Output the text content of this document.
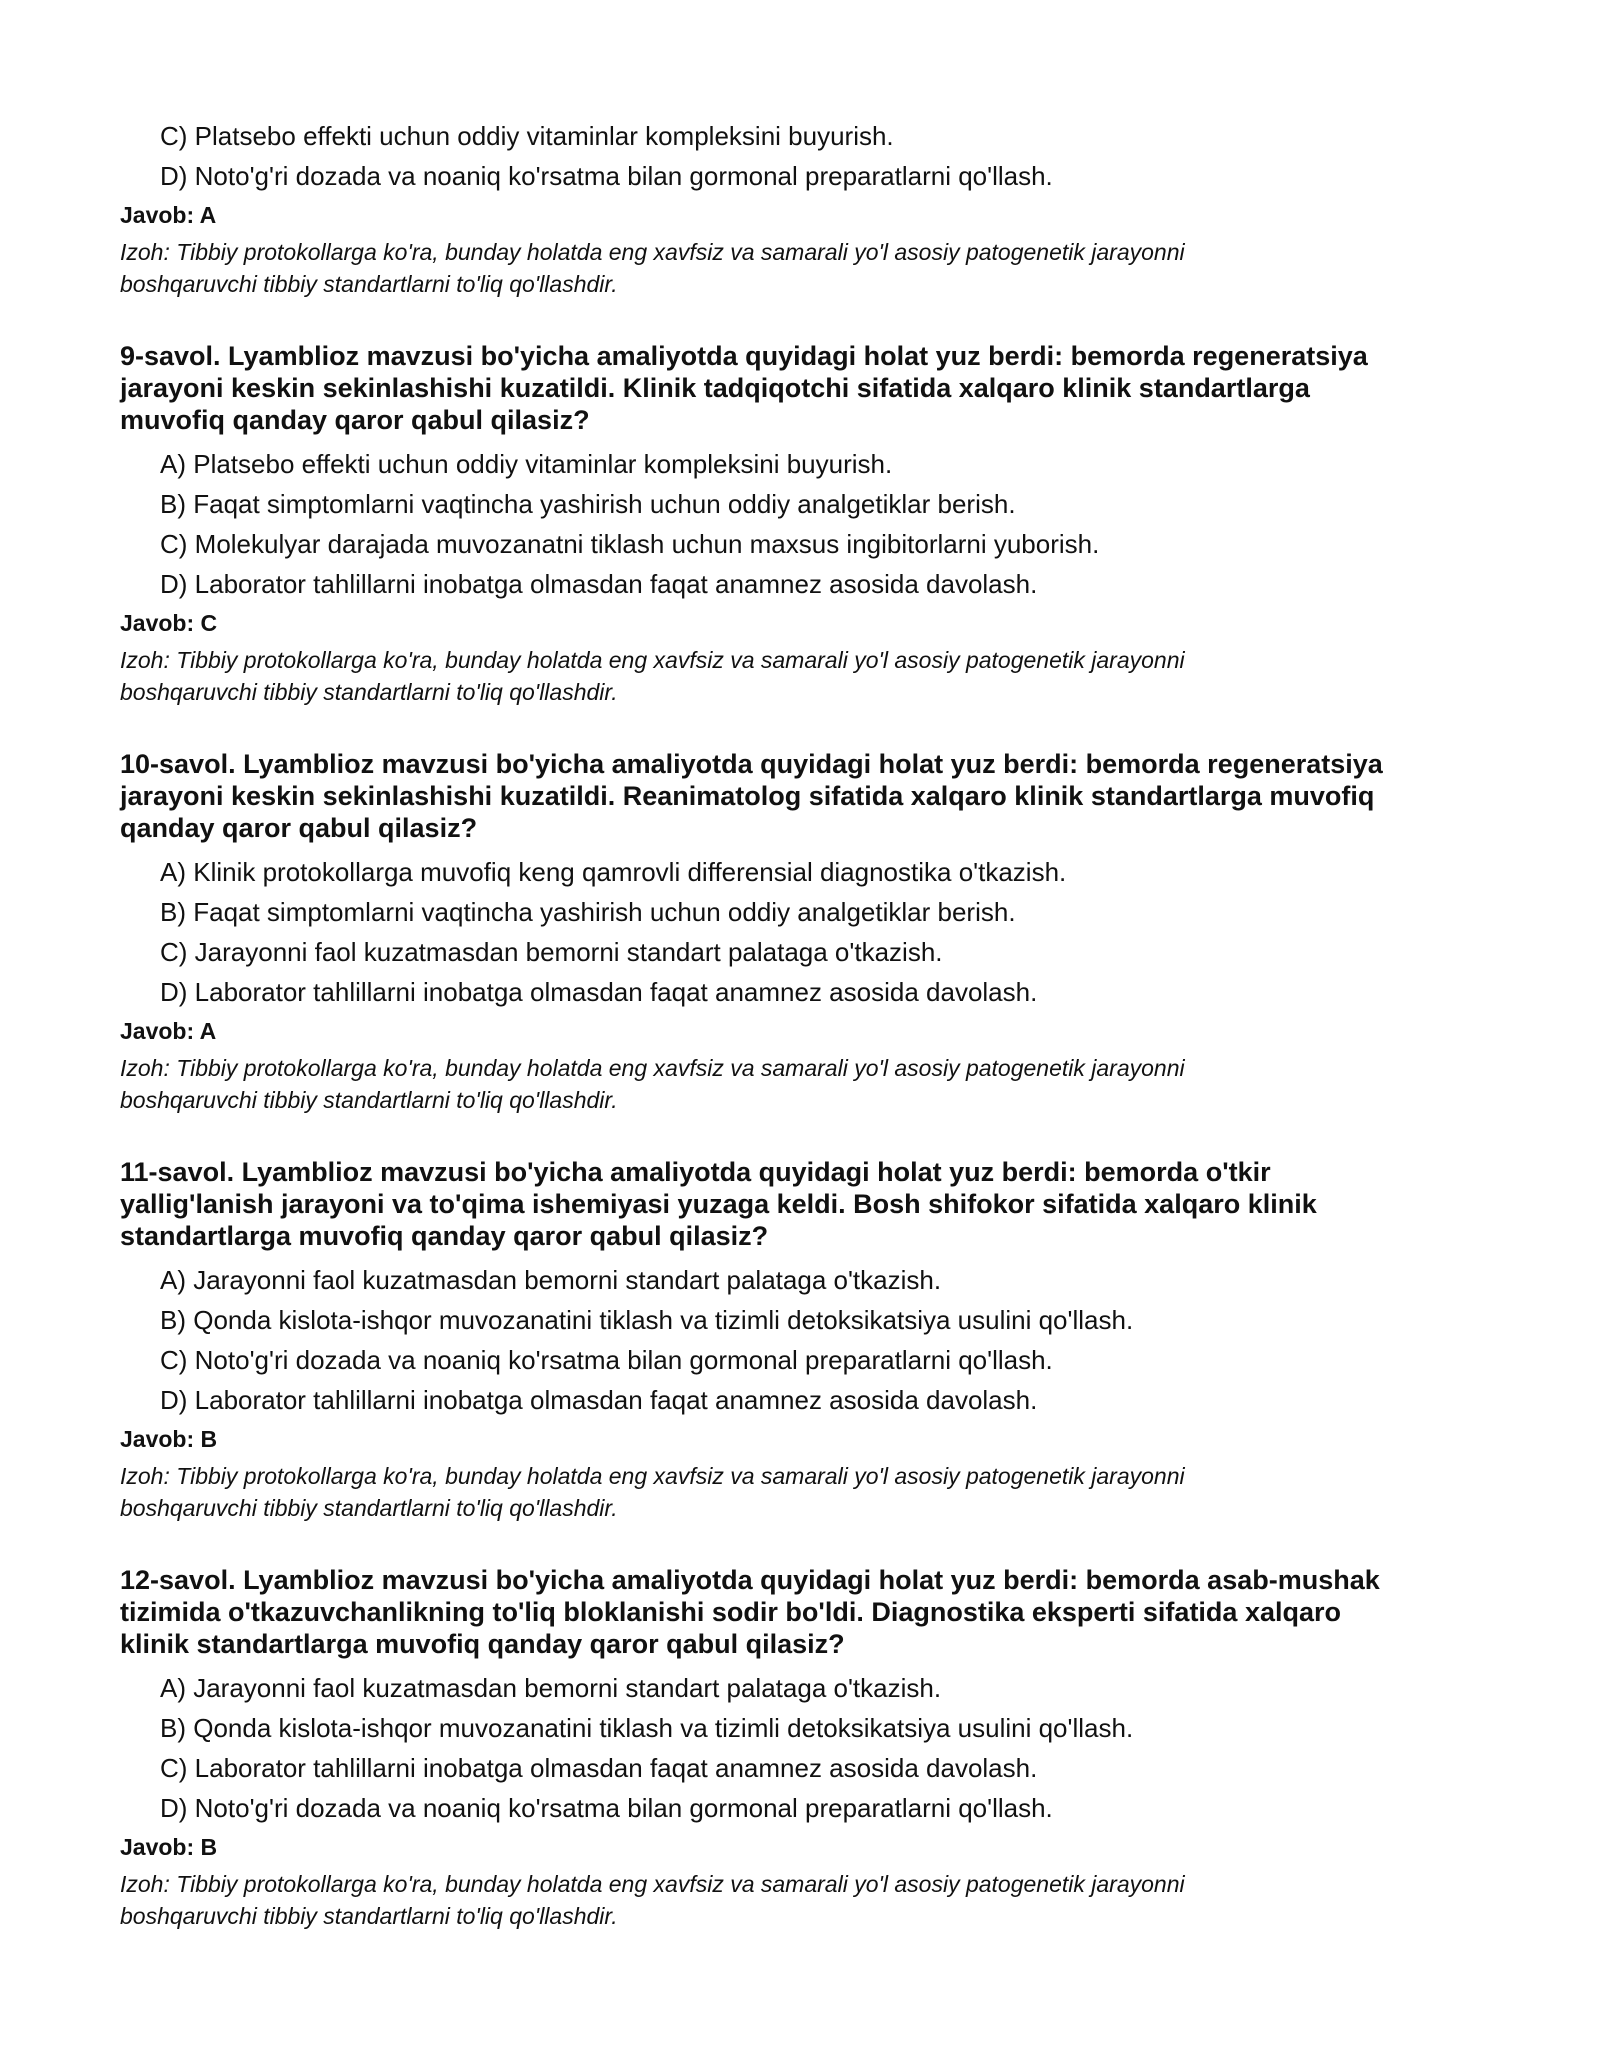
C) Platsebo effekti uchun oddiy vitaminlar kompleksini buyurish.
D) Noto'g'ri dozada va noaniq ko'rsatma bilan gormonal preparatlarni qo'llash.
Javob: A
Izoh: Tibbiy protokollarga ko'ra, bunday holatda eng xavfsiz va samarali yo'l asosiy patogenetik jarayonni
boshqaruvchi tibbiy standartlarni to'liq qo'llashdir.
9-savol. Lyamblioz mavzusi bo'yicha amaliyotda quyidagi holat yuz berdi: bemorda regeneratsiya
jarayoni keskin sekinlashishi kuzatildi. Klinik tadqiqotchi sifatida xalqaro klinik standartlarga
muvofiq qanday qaror qabul qilasiz?
A) Platsebo effekti uchun oddiy vitaminlar kompleksini buyurish.
B) Faqat simptomlarni vaqtincha yashirish uchun oddiy analgetiklar berish.
C) Molekulyar darajada muvozanatni tiklash uchun maxsus ingibitorlarni yuborish.
D) Laborator tahlillarni inobatga olmasdan faqat anamnez asosida davolash.
Javob: C
Izoh: Tibbiy protokollarga ko'ra, bunday holatda eng xavfsiz va samarali yo'l asosiy patogenetik jarayonni
boshqaruvchi tibbiy standartlarni to'liq qo'llashdir.
10-savol. Lyamblioz mavzusi bo'yicha amaliyotda quyidagi holat yuz berdi: bemorda regeneratsiya
jarayoni keskin sekinlashishi kuzatildi. Reanimatolog sifatida xalqaro klinik standartlarga muvofiq
qanday qaror qabul qilasiz?
A) Klinik protokollarga muvofiq keng qamrovli differensial diagnostika o'tkazish.
B) Faqat simptomlarni vaqtincha yashirish uchun oddiy analgetiklar berish.
C) Jarayonni faol kuzatmasdan bemorni standart palataga o'tkazish.
D) Laborator tahlillarni inobatga olmasdan faqat anamnez asosida davolash.
Javob: A
Izoh: Tibbiy protokollarga ko'ra, bunday holatda eng xavfsiz va samarali yo'l asosiy patogenetik jarayonni
boshqaruvchi tibbiy standartlarni to'liq qo'llashdir.
11-savol. Lyamblioz mavzusi bo'yicha amaliyotda quyidagi holat yuz berdi: bemorda o'tkir
yallig'lanish jarayoni va to'qima ishemiyasi yuzaga keldi. Bosh shifokor sifatida xalqaro klinik
standartlarga muvofiq qanday qaror qabul qilasiz?
A) Jarayonni faol kuzatmasdan bemorni standart palataga o'tkazish.
B) Qonda kislota-ishqor muvozanatini tiklash va tizimli detoksikatsiya usulini qo'llash.
C) Noto'g'ri dozada va noaniq ko'rsatma bilan gormonal preparatlarni qo'llash.
D) Laborator tahlillarni inobatga olmasdan faqat anamnez asosida davolash.
Javob: B
Izoh: Tibbiy protokollarga ko'ra, bunday holatda eng xavfsiz va samarali yo'l asosiy patogenetik jarayonni
boshqaruvchi tibbiy standartlarni to'liq qo'llashdir.
12-savol. Lyamblioz mavzusi bo'yicha amaliyotda quyidagi holat yuz berdi: bemorda asab-mushak
tizimida o'tkazuvchanlikning to'liq bloklanishi sodir bo'ldi. Diagnostika eksperti sifatida xalqaro
klinik standartlarga muvofiq qanday qaror qabul qilasiz?
A) Jarayonni faol kuzatmasdan bemorni standart palataga o'tkazish.
B) Qonda kislota-ishqor muvozanatini tiklash va tizimli detoksikatsiya usulini qo'llash.
C) Laborator tahlillarni inobatga olmasdan faqat anamnez asosida davolash.
D) Noto'g'ri dozada va noaniq ko'rsatma bilan gormonal preparatlarni qo'llash.
Javob: B
Izoh: Tibbiy protokollarga ko'ra, bunday holatda eng xavfsiz va samarali yo'l asosiy patogenetik jarayonni
boshqaruvchi tibbiy standartlarni to'liq qo'llashdir.
